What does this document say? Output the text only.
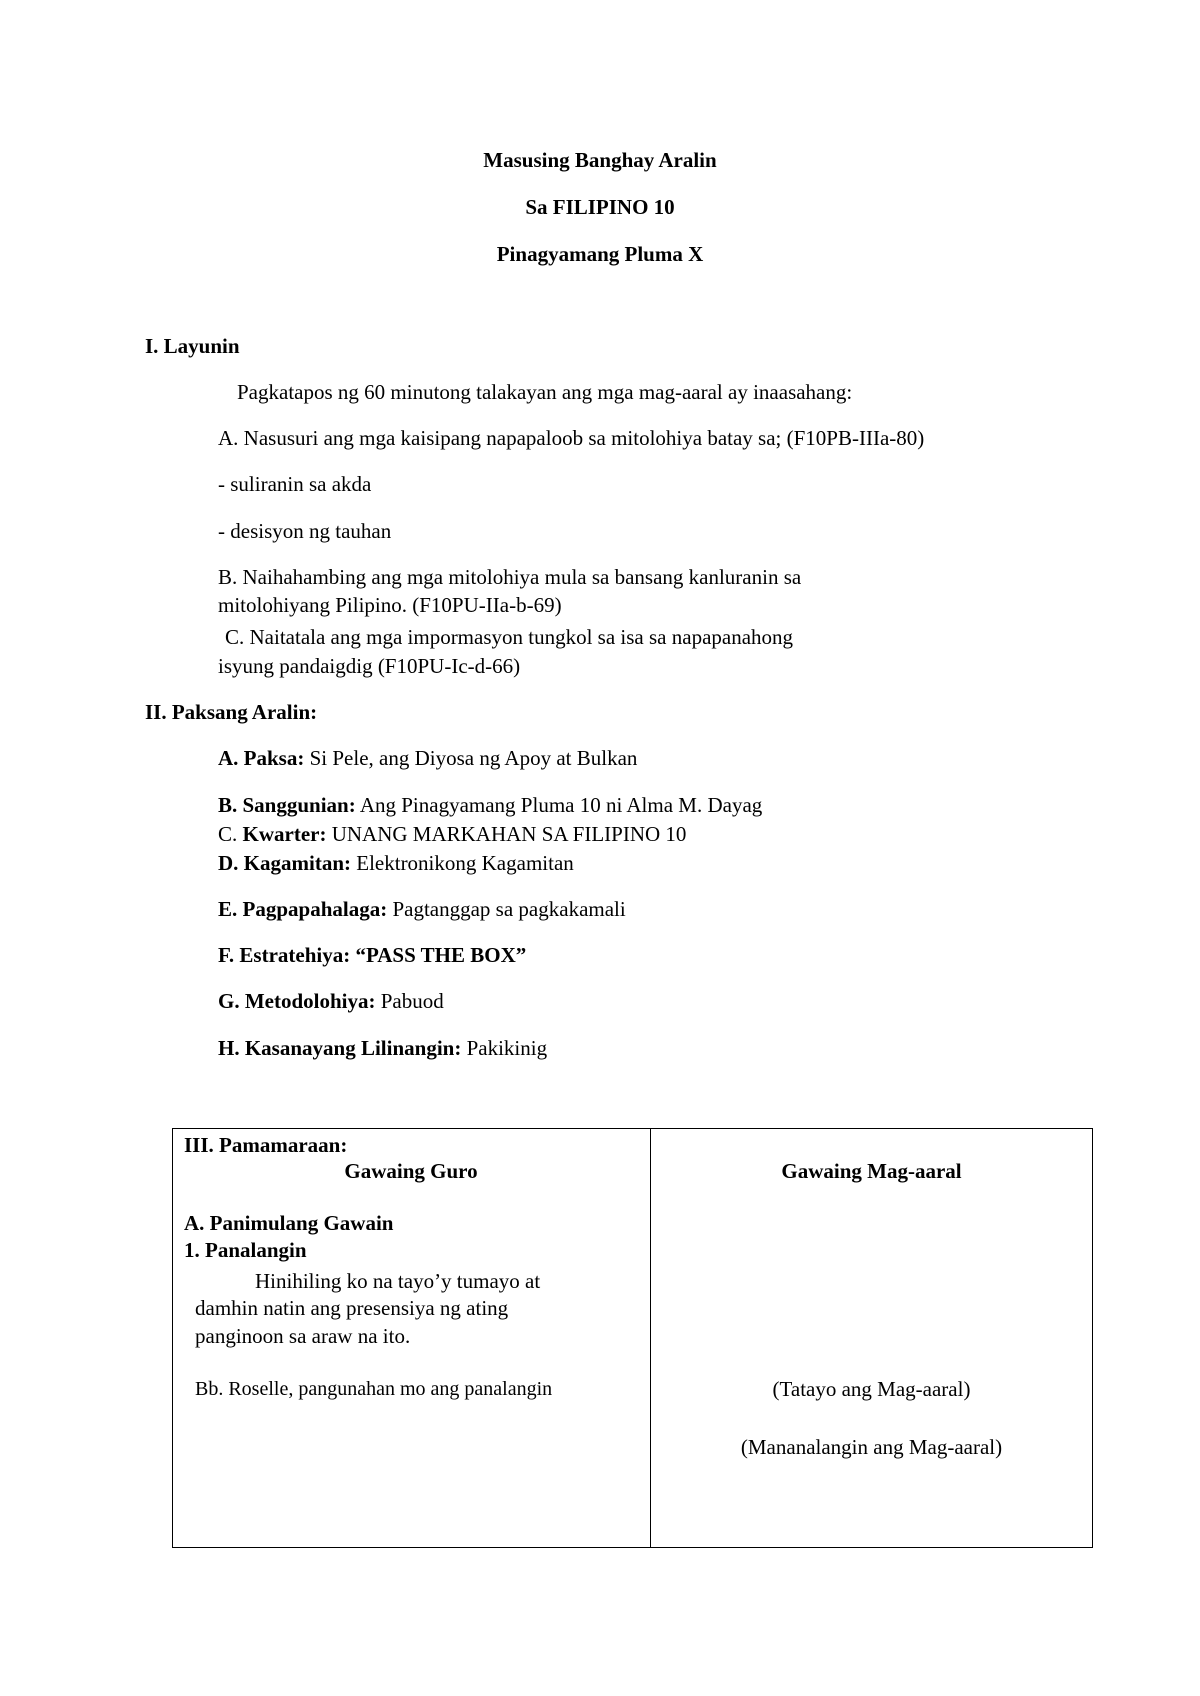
Masusing Banghay Aralin
Sa FILIPINO 10
Pinagyamang Pluma X
I. Layunin
Pagkatapos ng 60 minutong talakayan ang mga mag-aaral ay inaasahang:
A. Nasusuri ang mga kaisipang napapaloob sa mitolohiya batay sa; (F10PB-IIIa-80)
- suliranin sa akda
- desisyon ng tauhan
B. Naihahambing ang mga mitolohiya mula sa bansang kanluranin sa
mitolohiyang Pilipino. (F10PU-IIa-b-69)
C. Naitatala ang mga impormasyon tungkol sa isa sa napapanahong
isyung pandaigdig (F10PU-Ic-d-66)
II. Paksang Aralin:
A. Paksa: Si Pele, ang Diyosa ng Apoy at Bulkan
B. Sanggunian: Ang Pinagyamang Pluma 10 ni Alma M. Dayag
C. Kwarter: UNANG MARKAHAN SA FILIPINO 10
D. Kagamitan: Elektronikong Kagamitan
E. Pagpapahalaga: Pagtanggap sa pagkakamali
F. Estratehiya: “PASS THE BOX”
G. Metodolohiya: Pabuod
H. Kasanayang Lilinangin: Pakikinig
III. Pamamaraan:
Gawaing Guro
A. Panimulang Gawain
1. Panalangin
Hinihiling ko na tayo’y tumayo at
damhin natin ang presensiya ng ating
panginoon sa araw na ito.
Bb. Roselle, pangunahan mo ang panalangin
Gawaing Mag-aaral
(Tatayo ang Mag-aaral)
(Mananalangin ang Mag-aaral)
